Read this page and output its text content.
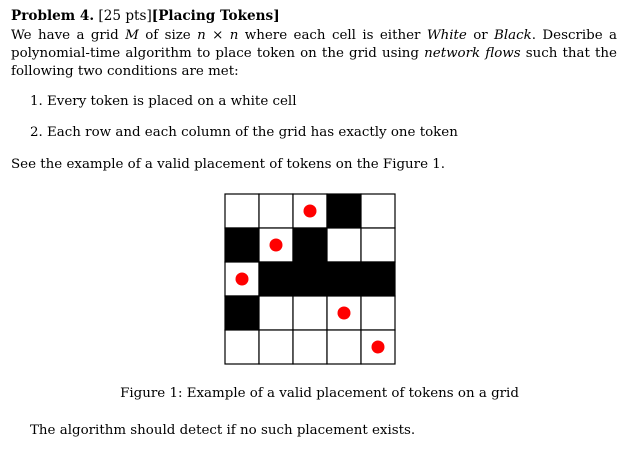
Problem 4. [25 pts][Placing Tokens]
We have a grid M of size n × n where each cell is either White or Black. Describe a polynomial-time algorithm to place token on the grid using network flows such that the following two conditions are met:
1. Every token is placed on a white cell
2. Each row and each column of the grid has exactly one token
See the example of a valid placement of tokens on the Figure 1.
Figure 1: Example of a valid placement of tokens on a grid
The algorithm should detect if no such placement exists.
